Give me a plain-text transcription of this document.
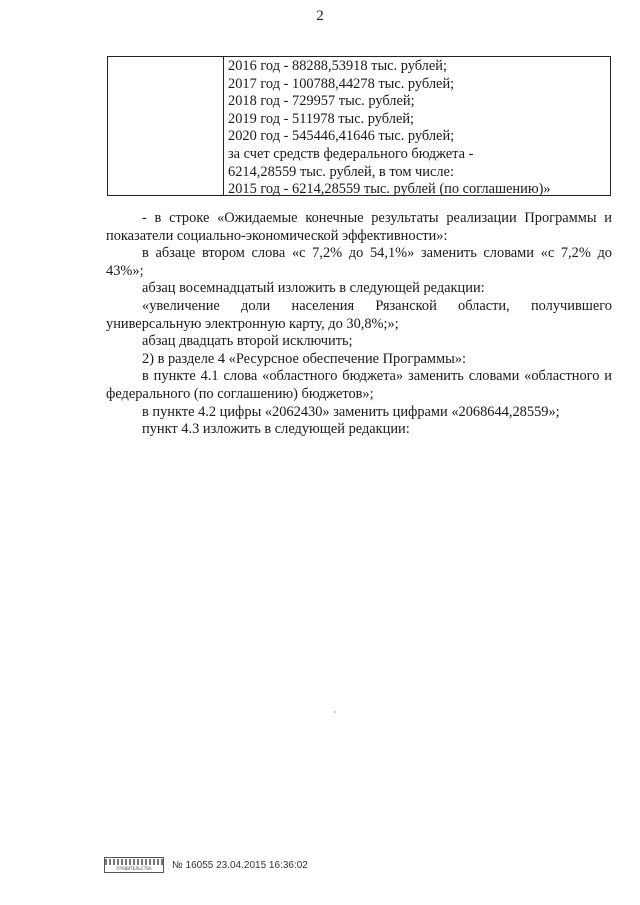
2
2016 год - 88288,53918 тыс. рублей;
2017 год - 100788,44278 тыс. рублей;
2018 год - 729957 тыс. рублей;
2019 год - 511978 тыс. рублей;
2020 год - 545446,41646 тыс. рублей;
за счет средств федерального бюджета -
6214,28559 тыс. рублей, в том числе:
2015 год - 6214,28559 тыс. рублей (по соглашению)»

- в строке «Ожидаемые конечные результаты реализации Программы и показатели социально-экономической эффективности»:

в абзаце втором слова «с 7,2% до 54,1%» заменить словами «с 7,2% до 43%»;

абзац восемнадцатый изложить в следующей редакции:

«увеличение доли населения Рязанской области, получившего универсальную электронную карту, до 30,8%;»;

абзац двадцать второй исключить;

2) в разделе 4 «Ресурсное обеспечение Программы»:

в пункте 4.1 слова «областного бюджета» заменить словами «областного и федерального (по соглашению) бюджетов»;

в пункте 4.2 цифры «2062430» заменить цифрами «2068644,28559»;

пункт 4.3 изложить в следующей редакции:

ПРАВИТЕЛЬСТВА	№ 16055 23.04.2015 16:36:02
